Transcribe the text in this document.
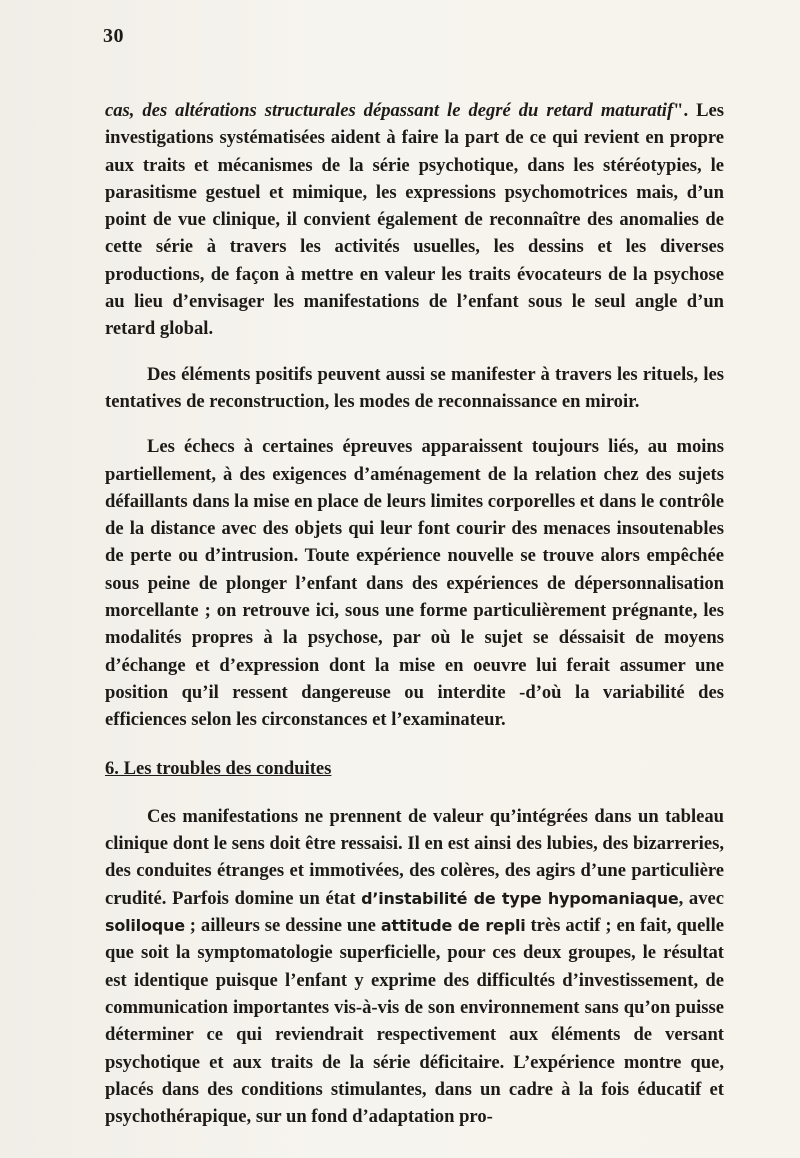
30

cas, des altérations structurales dépassant le degré du retard maturatif". Les investigations systématisées aident à faire la part de ce qui revient en propre aux traits et mécanismes de la série psychotique, dans les stéréotypies, le parasitisme gestuel et mimique, les expressions psychomotrices mais, d’un point de vue clinique, il convient également de reconnaître des anomalies de cette série à travers les activités usuelles, les dessins et les diverses productions, de façon à mettre en valeur les traits évocateurs de la psychose au lieu d’envisager les manifestations de l’enfant sous le seul angle d’un retard global.

Des éléments positifs peuvent aussi se manifester à travers les rituels, les tentatives de reconstruction, les modes de reconnaissance en miroir.

Les échecs à certaines épreuves apparaissent toujours liés, au moins partiellement, à des exigences d’aménagement de la relation chez des sujets défaillants dans la mise en place de leurs limites corporelles et dans le contrôle de la distance avec des objets qui leur font courir des menaces insoutenables de perte ou d’intrusion. Toute expérience nouvelle se trouve alors empêchée sous peine de plonger l’enfant dans des expériences de dépersonnalisation morcellante ; on retrouve ici, sous une forme particulièrement prégnante, les modalités propres à la psychose, par où le sujet se déssaisit de moyens d’échange et d’expression dont la mise en oeuvre lui ferait assumer une position qu’il ressent dangereuse ou interdite -d’où la variabilité des efficiences selon les circonstances et l’examinateur.

6. Les troubles des conduites

Ces manifestations ne prennent de valeur qu’intégrées dans un tableau clinique dont le sens doit être ressaisi. Il en est ainsi des lubies, des bizarreries, des conduites étranges et immotivées, des colères, des agirs d’une particulière crudité. Parfois domine un état d’instabilité de type hypomaniaque, avec soliloque ; ailleurs se dessine une attitude de repli très actif ; en fait, quelle que soit la symptomatologie superficielle, pour ces deux groupes, le résultat est identique puisque l’enfant y exprime des difficultés d’investissement, de communication importantes vis-à-vis de son environnement sans qu’on puisse déterminer ce qui reviendrait respectivement aux éléments de versant psychotique et aux traits de la série déficitaire. L’expérience montre que, placés dans des conditions stimulantes, dans un cadre à la fois éducatif et psychothérapique, sur un fond d’adaptation pro-
